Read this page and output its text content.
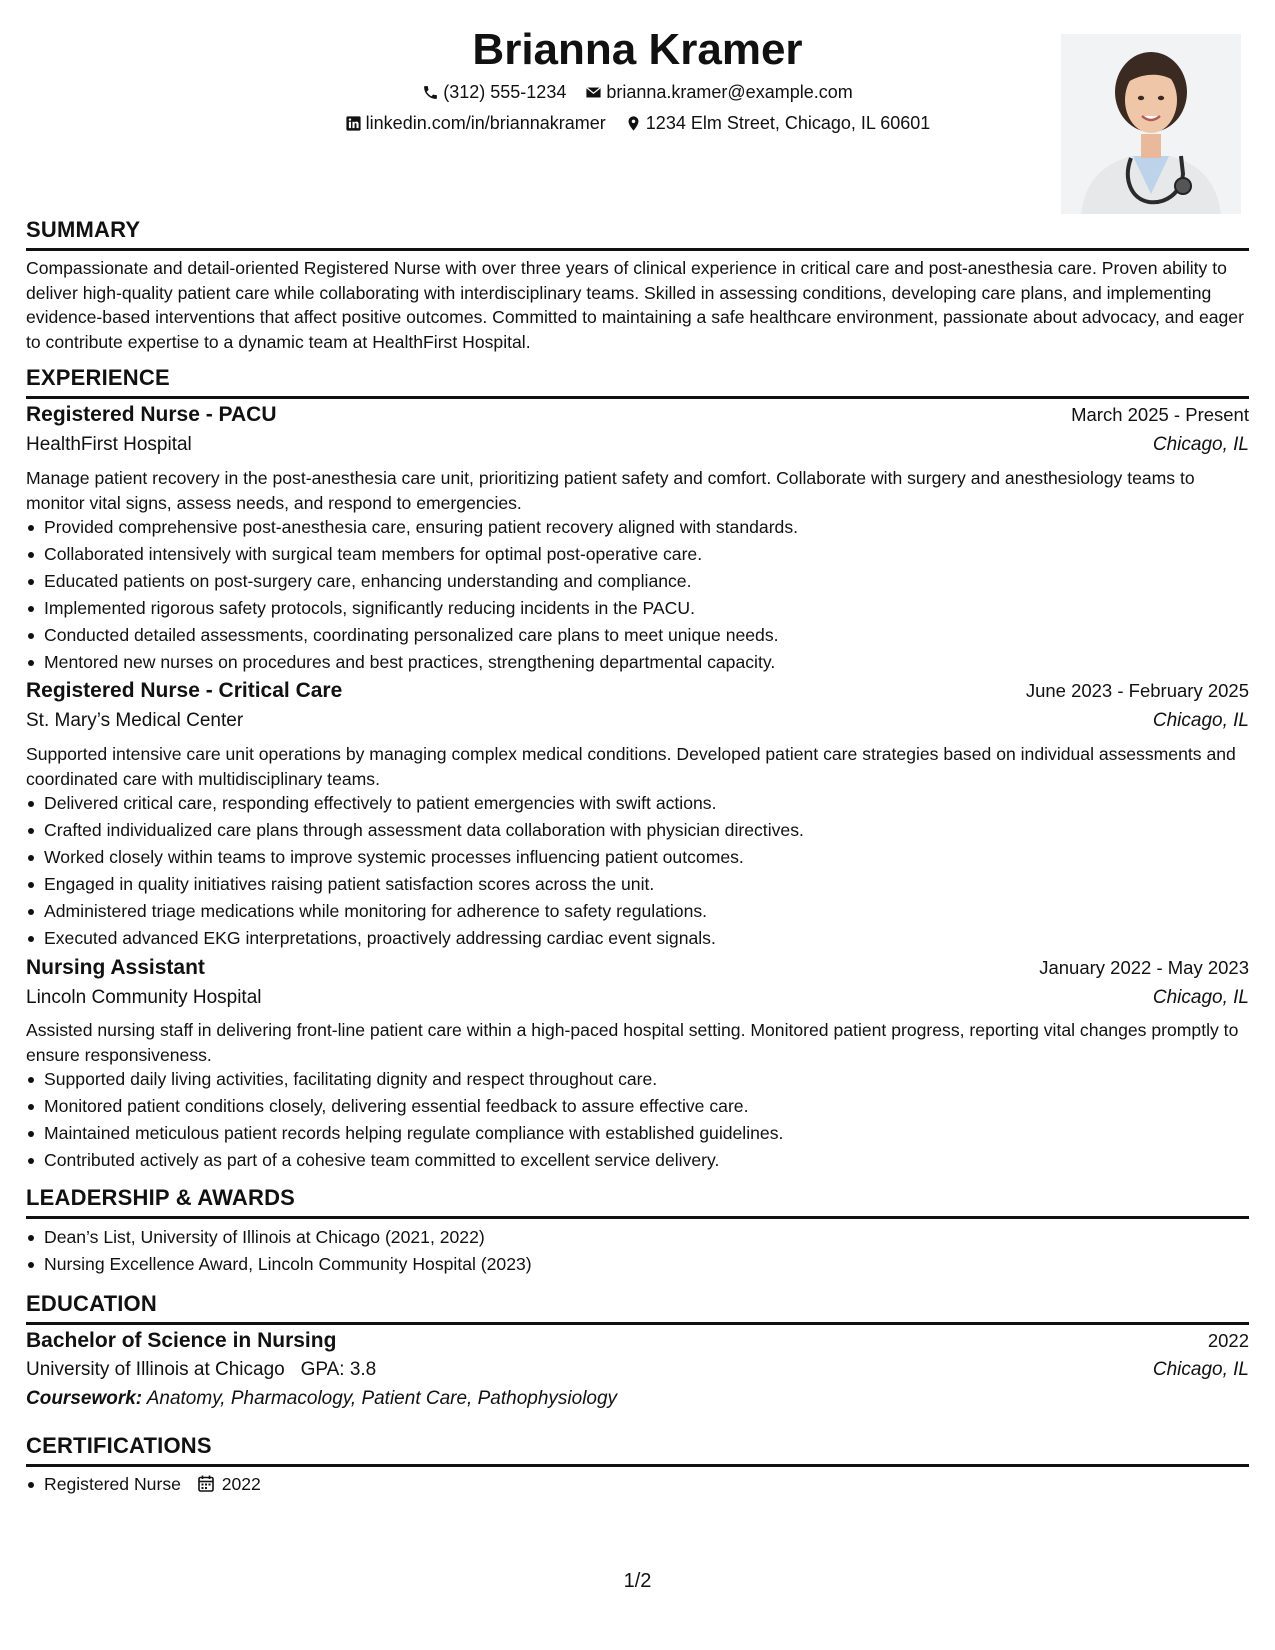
Brianna Kramer
(312) 555-1234
brianna.kramer@example.com
linkedin.com/in/briannakramer
1234 Elm Street, Chicago, IL 60601
SUMMARY
Compassionate and detail-oriented Registered Nurse with over three years of clinical experience in critical care and post-anesthesia care. Proven ability to deliver high-quality patient care while collaborating with interdisciplinary teams. Skilled in assessing conditions, developing care plans, and implementing evidence-based interventions that affect positive outcomes. Committed to maintaining a safe healthcare environment, passionate about advocacy, and eager to contribute expertise to a dynamic team at HealthFirst Hospital.
EXPERIENCE
Registered Nurse - PACU	March 2025 - Present
HealthFirst Hospital	Chicago, IL
Manage patient recovery in the post-anesthesia care unit, prioritizing patient safety and comfort. Collaborate with surgery and anesthesiology teams to monitor vital signs, assess needs, and respond to emergencies.
Provided comprehensive post-anesthesia care, ensuring patient recovery aligned with standards.
Collaborated intensively with surgical team members for optimal post-operative care.
Educated patients on post-surgery care, enhancing understanding and compliance.
Implemented rigorous safety protocols, significantly reducing incidents in the PACU.
Conducted detailed assessments, coordinating personalized care plans to meet unique needs.
Mentored new nurses on procedures and best practices, strengthening departmental capacity.
Registered Nurse - Critical Care	June 2023 - February 2025
St. Mary’s Medical Center	Chicago, IL
Supported intensive care unit operations by managing complex medical conditions. Developed patient care strategies based on individual assessments and coordinated care with multidisciplinary teams.
Delivered critical care, responding effectively to patient emergencies with swift actions.
Crafted individualized care plans through assessment data collaboration with physician directives.
Worked closely within teams to improve systemic processes influencing patient outcomes.
Engaged in quality initiatives raising patient satisfaction scores across the unit.
Administered triage medications while monitoring for adherence to safety regulations.
Executed advanced EKG interpretations, proactively addressing cardiac event signals.
Nursing Assistant	January 2022 - May 2023
Lincoln Community Hospital	Chicago, IL
Assisted nursing staff in delivering front-line patient care within a high-paced hospital setting. Monitored patient progress, reporting vital changes promptly to ensure responsiveness.
Supported daily living activities, facilitating dignity and respect throughout care.
Monitored patient conditions closely, delivering essential feedback to assure effective care.
Maintained meticulous patient records helping regulate compliance with established guidelines.
Contributed actively as part of a cohesive team committed to excellent service delivery.
LEADERSHIP & AWARDS
Dean’s List, University of Illinois at Chicago (2021, 2022)
Nursing Excellence Award, Lincoln Community Hospital (2023)
EDUCATION
Bachelor of Science in Nursing	2022
University of Illinois at Chicago GPA: 3.8	Chicago, IL
Coursework: Anatomy, Pharmacology, Patient Care, Pathophysiology
CERTIFICATIONS
Registered Nurse 2022
1/2
